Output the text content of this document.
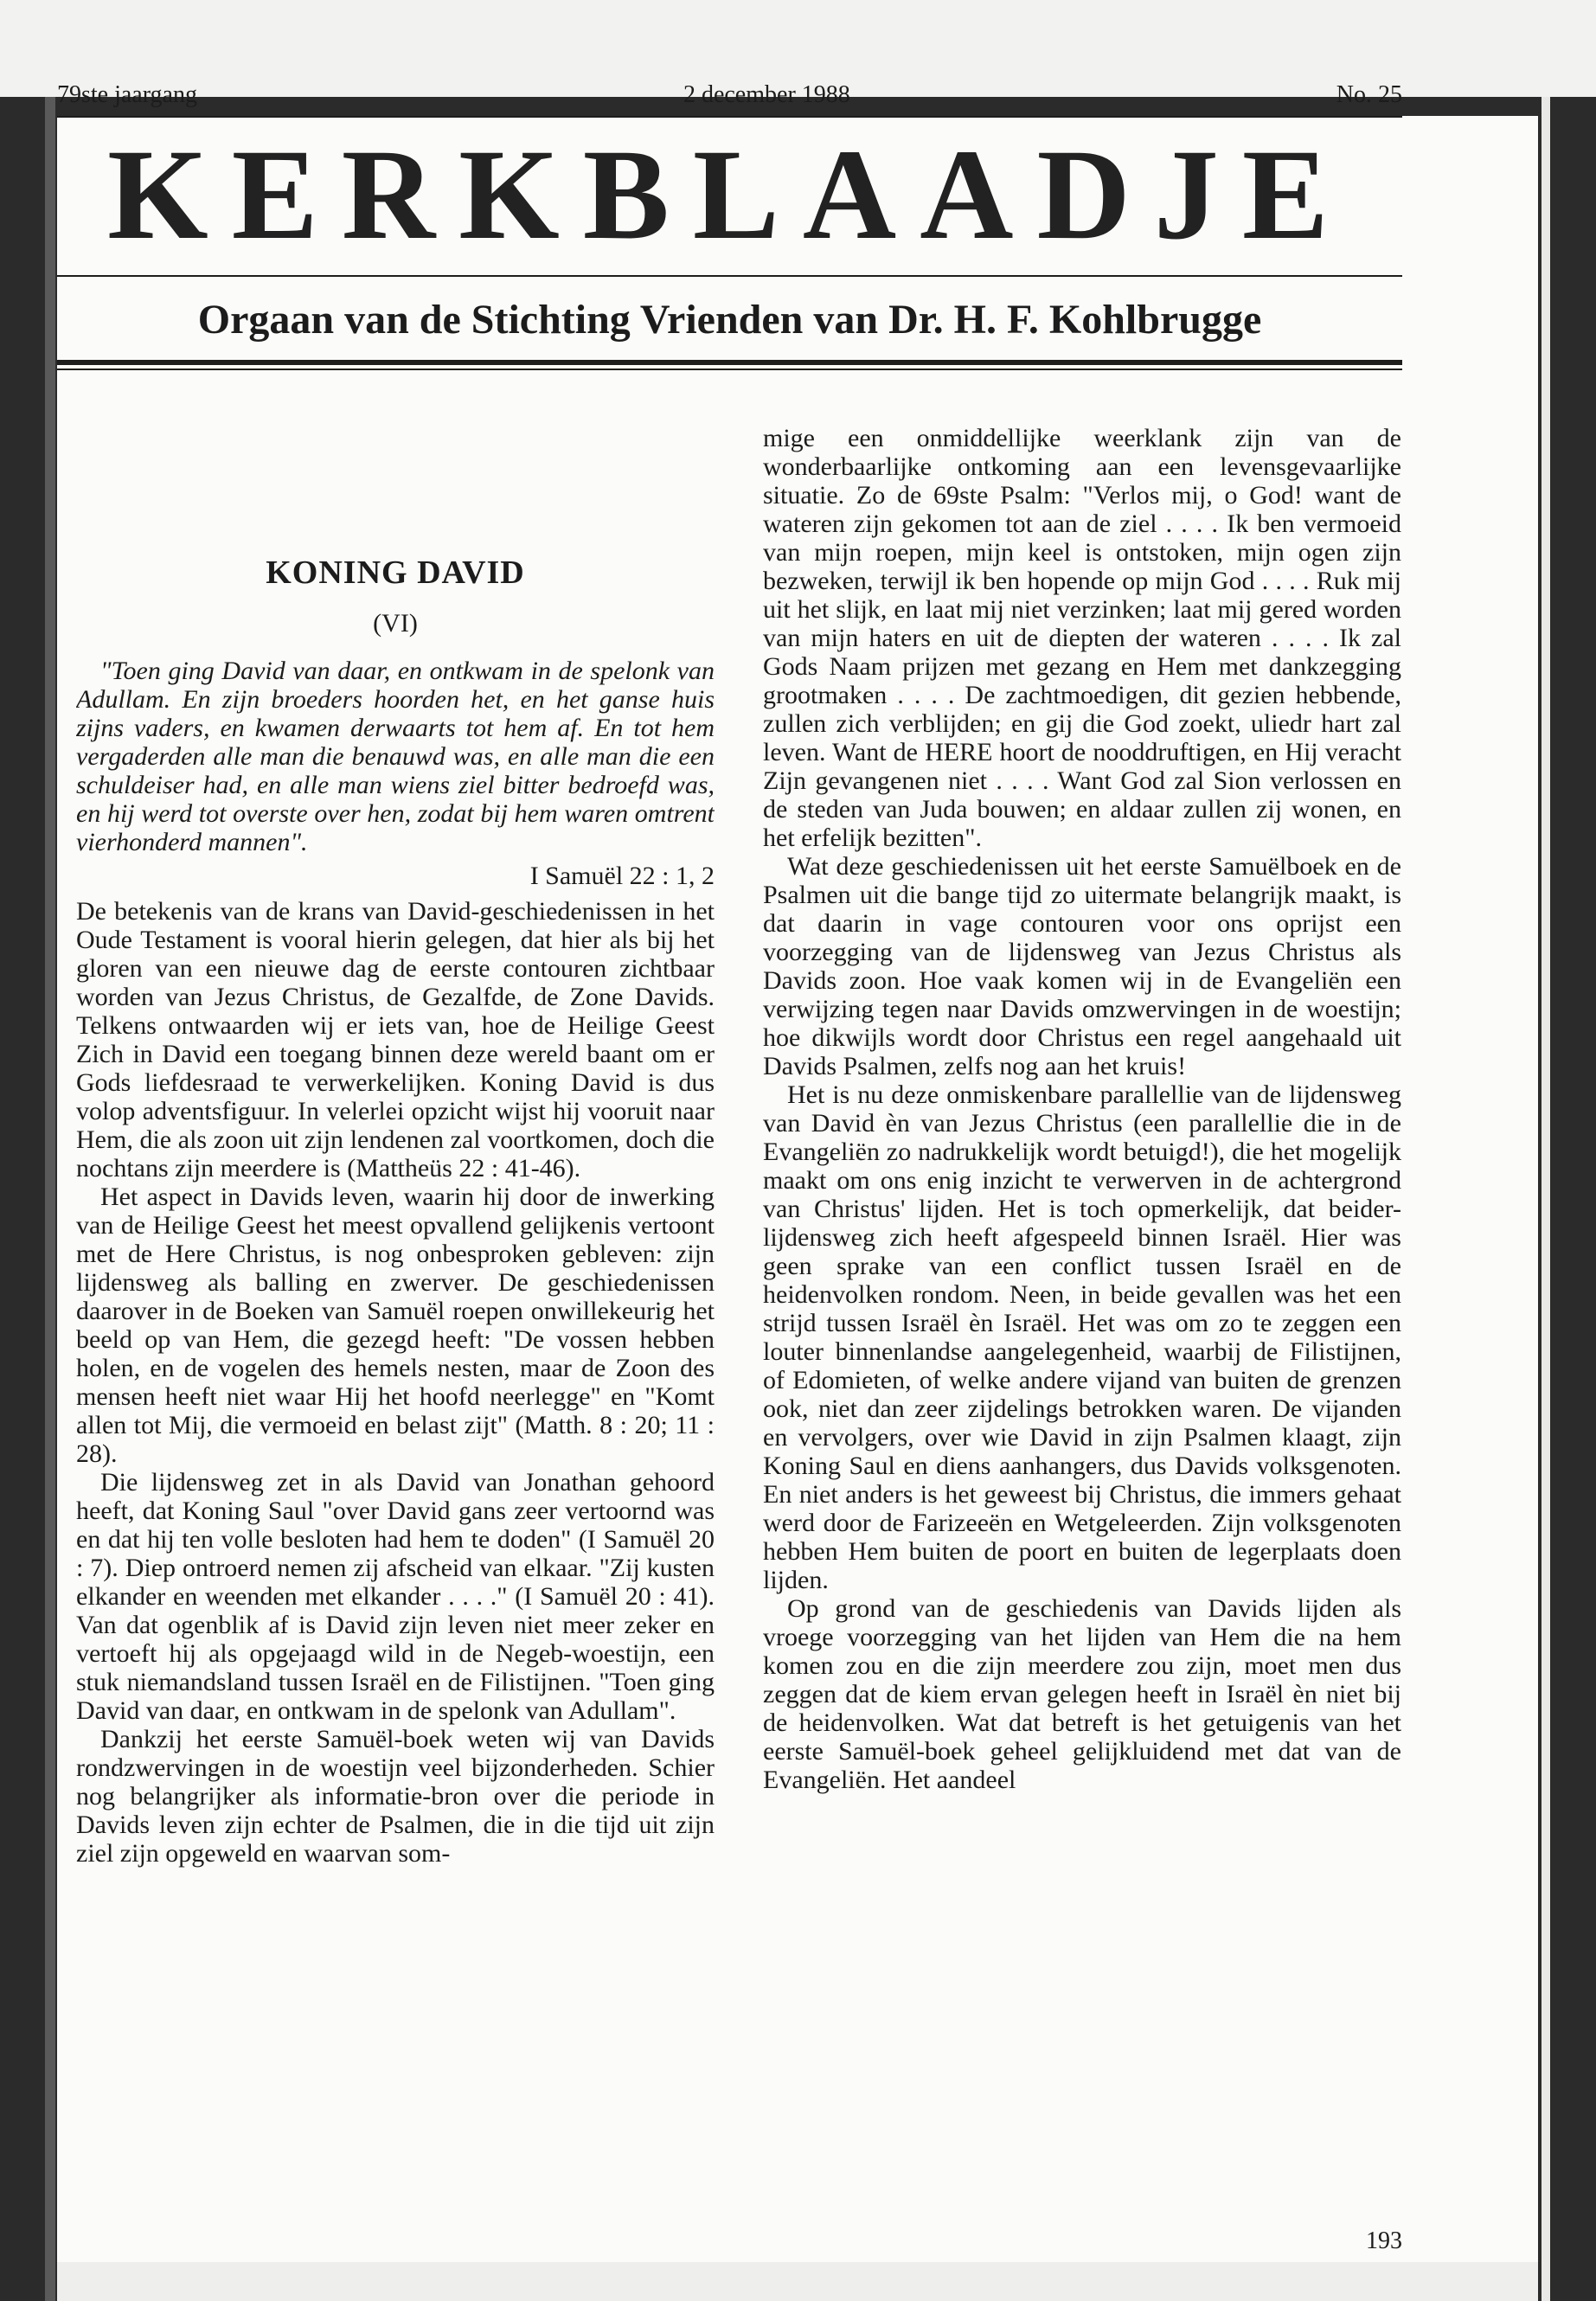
79ste jaargang	2 december 1988	No. 25
KERKBLAADJE
Orgaan van de Stichting Vrienden van Dr. H. F. Kohlbrugge
KONING DAVID
(VI)

"Toen ging David van daar, en ontkwam in de spelonk van Adullam. En zijn broeders hoorden het, en het ganse huis zijns vaders, en kwamen derwaarts tot hem af. En tot hem vergaderden alle man die benauwd was, en alle man die een schuldeiser had, en alle man wiens ziel bitter bedroefd was, en hij werd tot overste over hen, zodat bij hem waren omtrent vierhonderd mannen".

I Samuël 22 : 1, 2

De betekenis van de krans van David-geschiedenissen in het Oude Testament is vooral hierin gelegen, dat hier als bij het gloren van een nieuwe dag de eerste contouren zichtbaar worden van Jezus Christus, de Gezalfde, de Zone Davids. Telkens ontwaarden wij er iets van, hoe de Heilige Geest Zich in David een toegang binnen deze wereld baant om er Gods liefdesraad te verwerkelijken. Koning David is dus volop adventsfiguur. In velerlei opzicht wijst hij vooruit naar Hem, die als zoon uit zijn lendenen zal voortkomen, doch die nochtans zijn meerdere is (Mattheüs 22 : 41-46).

Het aspect in Davids leven, waarin hij door de inwerking van de Heilige Geest het meest opvallend gelijkenis vertoont met de Here Christus, is nog onbesproken gebleven: zijn lijdensweg als balling en zwerver. De geschiedenissen daarover in de Boeken van Samuël roepen onwillekeurig het beeld op van Hem, die gezegd heeft: "De vossen hebben holen, en de vogelen des hemels nesten, maar de Zoon des mensen heeft niet waar Hij het hoofd neerlegge" en "Komt allen tot Mij, die vermoeid en belast zijt" (Matth. 8 : 20; 11 : 28).

Die lijdensweg zet in als David van Jonathan gehoord heeft, dat Koning Saul "over David gans zeer vertoornd was en dat hij ten volle besloten had hem te doden" (I Samuël 20 : 7). Diep ontroerd nemen zij afscheid van elkaar. "Zij kusten elkander en weenden met elkander . . . ." (I Samuël 20 : 41). Van dat ogenblik af is David zijn leven niet meer zeker en vertoeft hij als opgejaagd wild in de Negeb-woestijn, een stuk niemandsland tussen Israël en de Filistijnen. "Toen ging David van daar, en ontkwam in de spelonk van Adullam".

Dankzij het eerste Samuël-boek weten wij van Davids rondzwervingen in de woestijn veel bijzonderheden. Schier nog belangrijker als informatie-bron over die periode in Davids leven zijn echter de Psalmen, die in die tijd uit zijn ziel zijn opgeweld en waarvan som-

mige een onmiddellijke weerklank zijn van de wonderbaarlijke ontkoming aan een levensgevaarlijke situatie. Zo de 69ste Psalm: "Verlos mij, o God! want de wateren zijn gekomen tot aan de ziel . . . . Ik ben vermoeid van mijn roepen, mijn keel is ontstoken, mijn ogen zijn bezweken, terwijl ik ben hopende op mijn God . . . . Ruk mij uit het slijk, en laat mij niet verzinken; laat mij gered worden van mijn haters en uit de diepten der wateren . . . . Ik zal Gods Naam prijzen met gezang en Hem met dankzegging grootmaken . . . . De zachtmoedigen, dit gezien hebbende, zullen zich verblijden; en gij die God zoekt, uliedr hart zal leven. Want de HERE hoort de nooddruftigen, en Hij veracht Zijn gevangenen niet . . . . Want God zal Sion verlossen en de steden van Juda bouwen; en aldaar zullen zij wonen, en het erfelijk bezitten".

Wat deze geschiedenissen uit het eerste Samuëlboek en de Psalmen uit die bange tijd zo uitermate belangrijk maakt, is dat daarin in vage contouren voor ons oprijst een voorzegging van de lijdensweg van Jezus Christus als Davids zoon. Hoe vaak komen wij in de Evangeliën een verwijzing tegen naar Davids omzwervingen in de woestijn; hoe dikwijls wordt door Christus een regel aangehaald uit Davids Psalmen, zelfs nog aan het kruis!

Het is nu deze onmiskenbare parallellie van de lijdensweg van David èn van Jezus Christus (een parallellie die in de Evangeliën zo nadrukkelijk wordt betuigd!), die het mogelijk maakt om ons enig inzicht te verwerven in de achtergrond van Christus' lijden. Het is toch opmerkelijk, dat beider-lijdensweg zich heeft afgespeeld binnen Israël. Hier was geen sprake van een conflict tussen Israël en de heidenvolken rondom. Neen, in beide gevallen was het een strijd tussen Israël èn Israël. Het was om zo te zeggen een louter binnenlandse aangelegenheid, waarbij de Filistijnen, of Edomieten, of welke andere vijand van buiten de grenzen ook, niet dan zeer zijdelings betrokken waren. De vijanden en vervolgers, over wie David in zijn Psalmen klaagt, zijn Koning Saul en diens aanhangers, dus Davids volksgenoten. En niet anders is het geweest bij Christus, die immers gehaat werd door de Farizeeën en Wetgeleerden. Zijn volksgenoten hebben Hem buiten de poort en buiten de legerplaats doen lijden.

Op grond van de geschiedenis van Davids lijden als vroege voorzegging van het lijden van Hem die na hem komen zou en die zijn meerdere zou zijn, moet men dus zeggen dat de kiem ervan gelegen heeft in Israël èn niet bij de heidenvolken. Wat dat betreft is het getuigenis van het eerste Samuël-boek geheel gelijkluidend met dat van de Evangeliën. Het aandeel

193
